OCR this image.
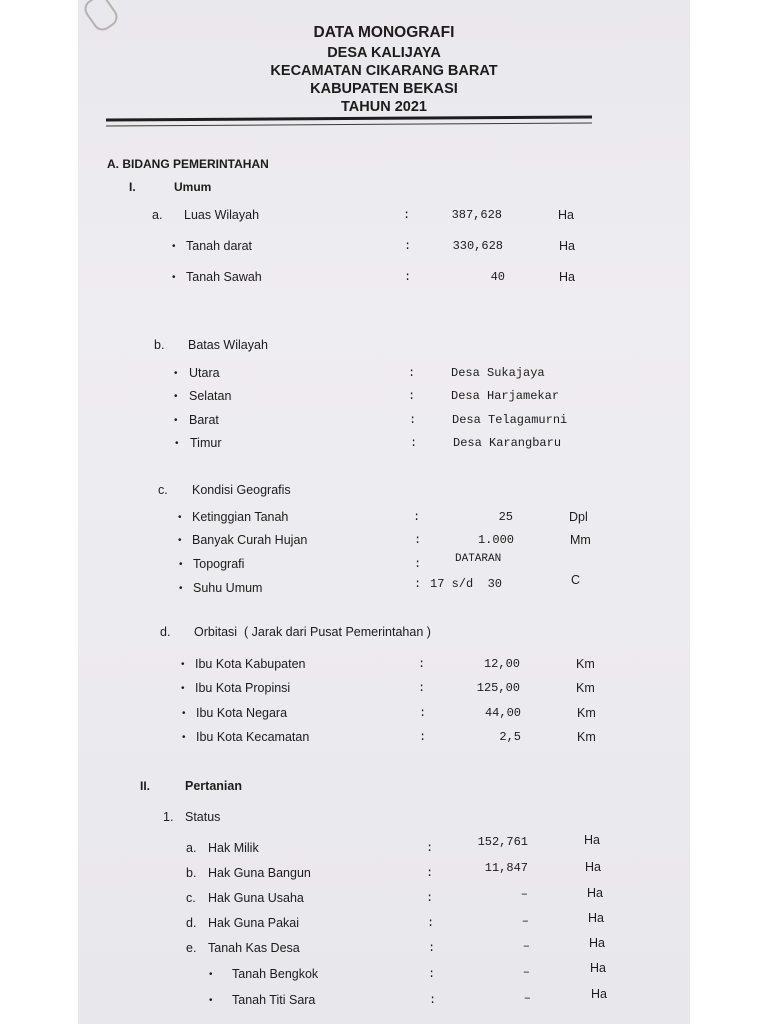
DATA MONOGRAFI
DESA KALIJAYA
KECAMATAN CIKARANG BARAT
KABUPATEN BEKASI
TAHUN 2021
A. BIDANG PEMERINTAHAN
I.	Umum
a. Luas Wilayah	:	387,628	Ha
• Tanah darat	:	330,628	Ha
• Tanah Sawah	:	40	Ha
b. Batas Wilayah
• Utara	:	Desa Sukajaya
• Selatan	:	Desa Harjamekar
• Barat	:	Desa Telagamurni
• Timur	:	Desa Karangbaru
c. Kondisi Geografis
• Ketinggian Tanah	:	25	Dpl
• Banyak Curah Hujan	:	1.000	Mm
• Topografi	:	DATARAN
• Suhu Umum	: 17 s/d  30	C
d. Orbitasi  ( Jarak dari Pusat Pemerintahan )
• Ibu Kota Kabupaten	:	12,00	Km
• Ibu Kota Propinsi	:	125,00	Km
• Ibu Kota Negara	:	44,00	Km
• Ibu Kota Kecamatan	:	2,5	Km
II.	Pertanian
1. Status
a. Hak Milik	:	152,761	Ha
b. Hak Guna Bangun	:	11,847	Ha
c. Hak Guna Usaha	:	–	Ha
d. Hak Guna Pakai	:	–	Ha
e. Tanah Kas Desa	:	–	Ha
• Tanah Bengkok	:	–	Ha
• Tanah Titi Sara	:	–	Ha
